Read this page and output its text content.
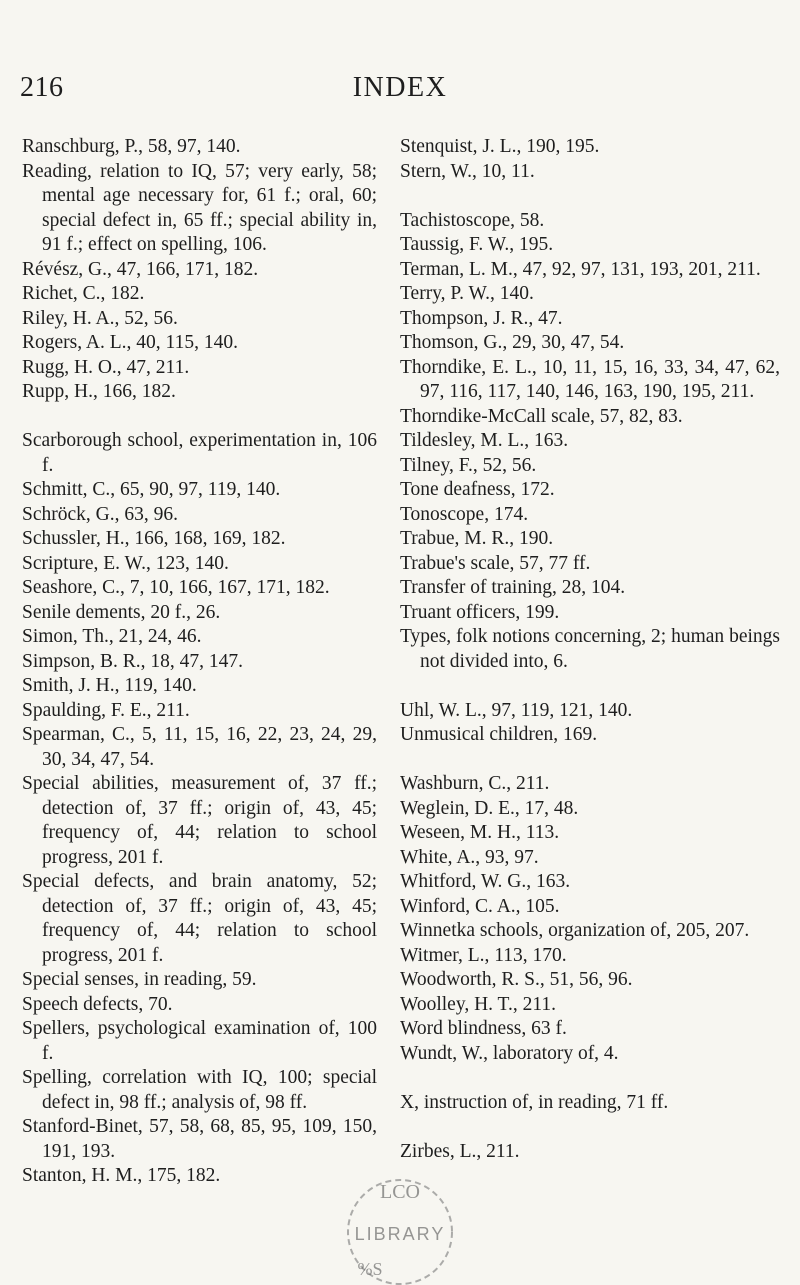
216	INDEX
Ranschburg, P., 58, 97, 140.
Reading, relation to IQ, 57; very early, 58; mental age necessary for, 61 f.; oral, 60; special defect in, 65 ff.; special ability in, 91 f.; effect on spelling, 106.
Révész, G., 47, 166, 171, 182.
Richet, C., 182.
Riley, H. A., 52, 56.
Rogers, A. L., 40, 115, 140.
Rugg, H. O., 47, 211.
Rupp, H., 166, 182.
Scarborough school, experimentation in, 106 f.
Schmitt, C., 65, 90, 97, 119, 140.
Schröck, G., 63, 96.
Schussler, H., 166, 168, 169, 182.
Scripture, E. W., 123, 140.
Seashore, C., 7, 10, 166, 167, 171, 182.
Senile dements, 20 f., 26.
Simon, Th., 21, 24, 46.
Simpson, B. R., 18, 47, 147.
Smith, J. H., 119, 140.
Spaulding, F. E., 211.
Spearman, C., 5, 11, 15, 16, 22, 23, 24, 29, 30, 34, 47, 54.
Special abilities, measurement of, 37 ff.; detection of, 37 ff.; origin of, 43, 45; frequency of, 44; relation to school progress, 201 f.
Special defects, and brain anatomy, 52; detection of, 37 ff.; origin of, 43, 45; frequency of, 44; relation to school progress, 201 f.
Special senses, in reading, 59.
Speech defects, 70.
Spellers, psychological examination of, 100 f.
Spelling, correlation with IQ, 100; special defect in, 98 ff.; analysis of, 98 ff.
Stanford-Binet, 57, 58, 68, 85, 95, 109, 150, 191, 193.
Stanton, H. M., 175, 182.
Stenquist, J. L., 190, 195.
Stern, W., 10, 11.
Tachistoscope, 58.
Taussig, F. W., 195.
Terman, L. M., 47, 92, 97, 131, 193, 201, 211.
Terry, P. W., 140.
Thompson, J. R., 47.
Thomson, G., 29, 30, 47, 54.
Thorndike, E. L., 10, 11, 15, 16, 33, 34, 47, 62, 97, 116, 117, 140, 146, 163, 190, 195, 211.
Thorndike-McCall scale, 57, 82, 83.
Tildesley, M. L., 163.
Tilney, F., 52, 56.
Tone deafness, 172.
Tonoscope, 174.
Trabue, M. R., 190.
Trabue's scale, 57, 77 ff.
Transfer of training, 28, 104.
Truant officers, 199.
Types, folk notions concerning, 2; human beings not divided into, 6.
Uhl, W. L., 97, 119, 121, 140.
Unmusical children, 169.
Washburn, C., 211.
Weglein, D. E., 17, 48.
Weseen, M. H., 113.
White, A., 93, 97.
Whitford, W. G., 163.
Winford, C. A., 105.
Winnetka schools, organization of, 205, 207.
Witmer, L., 113, 170.
Woodworth, R. S., 51, 56, 96.
Woolley, H. T., 211.
Word blindness, 63 f.
Wundt, W., laboratory of, 4.
X, instruction of, in reading, 71 ff.
Zirbes, L., 211.
LCO
LIBRARY
%S
